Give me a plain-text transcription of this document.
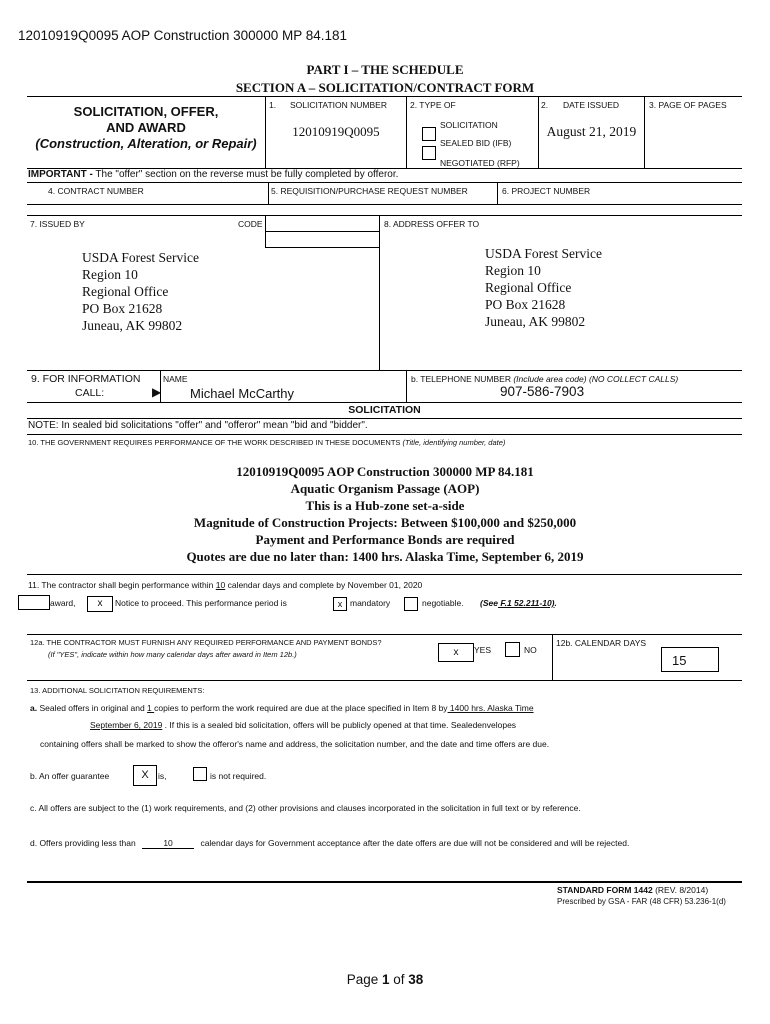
12010919Q0095 AOP Construction 300000 MP 84.181
PART I – THE SCHEDULE
SECTION A – SOLICITATION/CONTRACT FORM
SOLICITATION, OFFER,
AND AWARD
(Construction, Alteration, or Repair)
1. SOLICITATION NUMBER
12010919Q0095
2. TYPE OF
SOLICITATION
SEALED BID (IFB)
NEGOTIATED (RFP)
2. DATE ISSUED
August 21, 2019
3. PAGE OF PAGES
IMPORTANT - The "offer" section on the reverse must be fully completed by offeror.
4. CONTRACT NUMBER	5. REQUISITION/PURCHASE REQUEST NUMBER	6. PROJECT NUMBER
7. ISSUED BY	CODE	8. ADDRESS OFFER TO
USDA Forest Service
Region 10
Regional Office
PO Box 21628
Juneau, AK 99802
USDA Forest Service
Region 10
Regional Office
PO Box 21628
Juneau, AK 99802
9. FOR INFORMATION
CALL:	▶
NAME
Michael McCarthy
b. TELEPHONE NUMBER (Include area code) (NO COLLECT CALLS)
907-586-7903
SOLICITATION
NOTE: In sealed bid solicitations "offer" and "offeror" mean "bid and "bidder".
10. THE GOVERNMENT REQUIRES PERFORMANCE OF THE WORK DESCRIBED IN THESE DOCUMENTS (Title, identifying number, date)
12010919Q0095 AOP Construction 300000 MP 84.181
Aquatic Organism Passage (AOP)
This is a Hub-zone set-a-side
Magnitude of Construction Projects: Between $100,000 and $250,000
Payment and Performance Bonds are required
Quotes are due no later than: 1400 hrs. Alaska Time, September 6, 2019
11. The contractor shall begin performance within 10 calendar days and complete by November 01, 2020
award,	x	Notice to proceed. This performance period is	x mandatory	negotiable. (See F.1 52.211-10).
12a. THE CONTRACTOR MUST FURNISH ANY REQUIRED PERFORMANCE AND PAYMENT BONDS?
(If "YES", indicate within how many calendar days after award in Item 12b.)	x	YES	NO
12b. CALENDAR DAYS
15
13. ADDITIONAL SOLICITATION REQUIREMENTS:
a. Sealed offers in original and 1 copies to perform the work required are due at the place specified in Item 8 by 1400 hrs. Alaska Time
September 6, 2019 . If this is a sealed bid solicitation, offers will be publicly opened at that time. Sealedenvelopes
containing offers shall be marked to show the offeror's name and address, the solicitation number, and the date and time offers are due.
b. An offer guarantee	X	is,	is not required.
c. All offers are subject to the (1) work requirements, and (2) other provisions and clauses incorporated in the solicitation in full text or by reference.
d. Offers providing less than	10	calendar days for Government acceptance after the date offers are due will not be considered and will be rejected.
STANDARD FORM 1442 (REV. 8/2014)
Prescribed by GSA - FAR (48 CFR) 53.236-1(d)
Page 1 of 38
